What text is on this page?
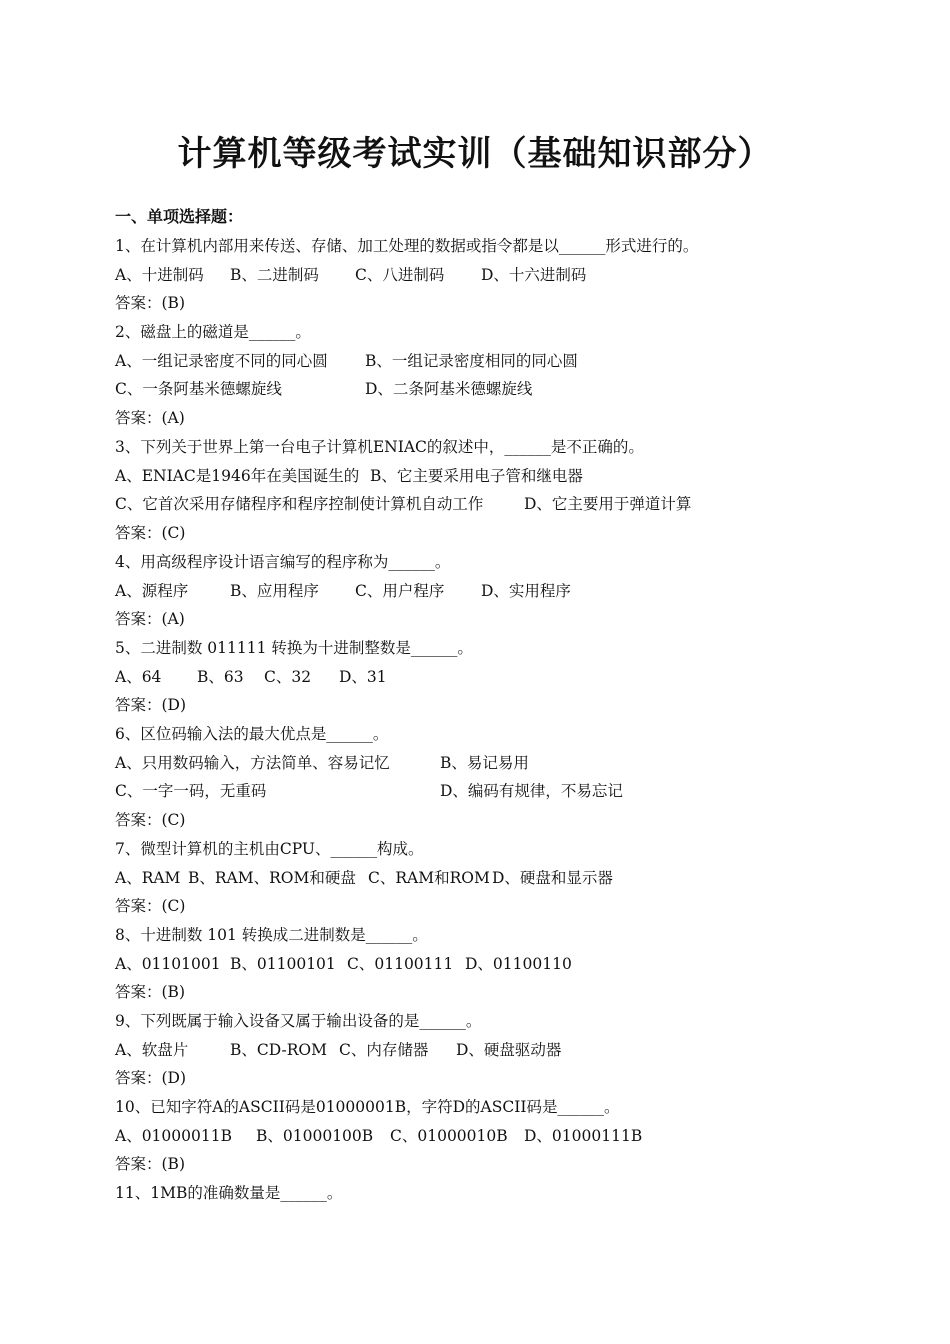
计算机等级考试实训（基础知识部分）
一、单项选择题：
1、在计算机内部用来传送、存储、加工处理的数据或指令都是以______形式进行的。
A、十进制码 B、二进制码 C、八进制码 D、十六进制码
答案：(B)
2、磁盘上的磁道是______。
A、一组记录密度不同的同心圆 B、一组记录密度相同的同心圆
C、一条阿基米德螺旋线	D、二条阿基米德螺旋线
答案：(A)
3、下列关于世界上第一台电子计算机ENIAC的叙述中，______是不正确的。
A、ENIAC是1946年在美国诞生的 B、它主要采用电子管和继电器
C、它首次采用存储程序和程序控制使计算机自动工作	D、它主要用于弹道计算
答案：(C)
4、用高级程序设计语言编写的程序称为______。
A、源程序	B、应用程序 C、用户程序 D、实用程序
答案：(A)
5、二进制数 011111 转换为十进制整数是______。
A、64 B、63 C、32 D、31
答案：(D)
6、区位码输入法的最大优点是______。
A、只用数码输入，方法简单、容易记忆	B、易记易用
C、一字一码，无重码	D、编码有规律，不易忘记
答案：(C)
7、微型计算机的主机由CPU、______构成。
A、RAM B、RAM、ROM和硬盘 C、RAM和ROM D、硬盘和显示器
答案：(C)
8、十进制数 101 转换成二进制数是______。
A、01101001 B、01100101 C、01100111 D、01100110
答案：(B)
9、下列既属于输入设备又属于输出设备的是______。
A、软盘片	B、CD-ROM C、内存储器 D、硬盘驱动器
答案：(D)
10、已知字符A的ASCII码是01000001B，字符D的ASCII码是______。
A、01000011B B、01000100B C、01000010B D、01000111B
答案：(B)
11、1MB的准确数量是______。
